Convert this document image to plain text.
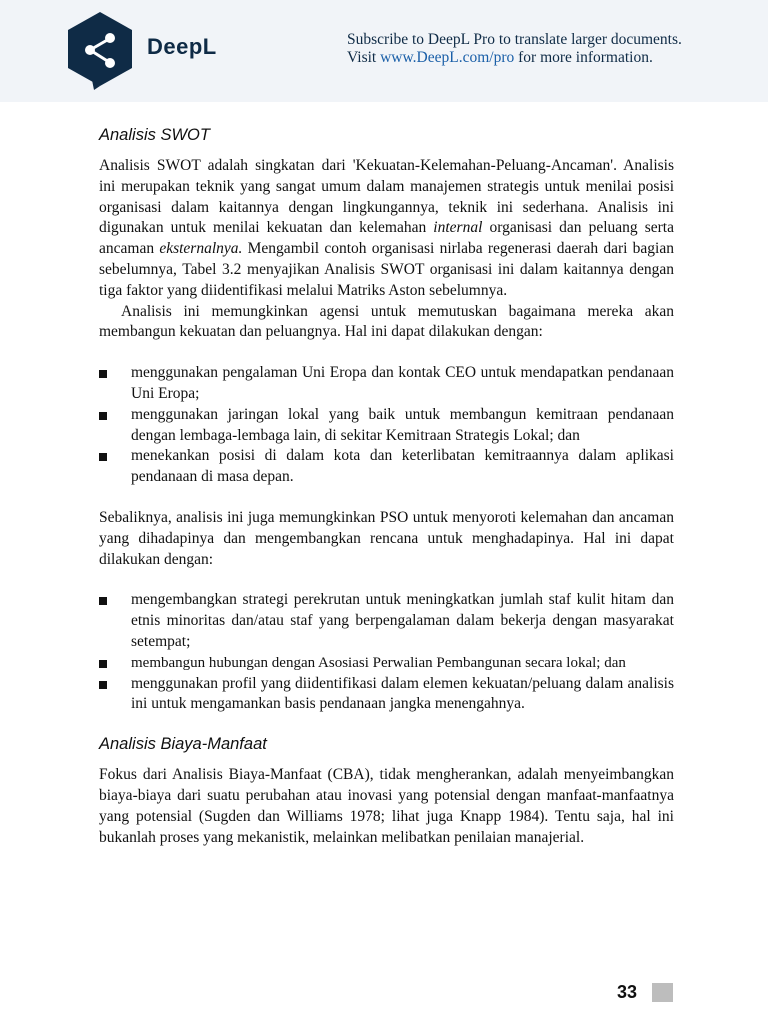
DeepL	Subscribe to DeepL Pro to translate larger documents.
Visit www.DeepL.com/pro for more information.
Analisis SWOT

Analisis SWOT adalah singkatan dari 'Kekuatan-Kelemahan-Peluang-Ancaman'. Analisis ini merupakan teknik yang sangat umum dalam manajemen strategis untuk menilai posisi organisasi dalam kaitannya dengan lingkungannya, teknik ini sederhana. Analisis ini digunakan untuk menilai kekuatan dan kelemahan internal organisasi dan peluang serta ancaman eksternalnya. Mengambil contoh organisasi nirlaba regenerasi daerah dari bagian sebelumnya, Tabel 3.2 menyajikan Analisis SWOT organisasi ini dalam kaitannya dengan tiga faktor yang diidentifikasi melalui Matriks Aston sebelumnya.

Analisis ini memungkinkan agensi untuk memutuskan bagaimana mereka akan membangun kekuatan dan peluangnya. Hal ini dapat dilakukan dengan:

menggunakan pengalaman Uni Eropa dan kontak CEO untuk mendapatkan pendanaan Uni Eropa;
menggunakan jaringan lokal yang baik untuk membangun kemitraan pendanaan dengan lembaga-lembaga lain, di sekitar Kemitraan Strategis Lokal; dan
menekankan posisi di dalam kota dan keterlibatan kemitraannya dalam aplikasi pendanaan di masa depan.

Sebaliknya, analisis ini juga memungkinkan PSO untuk menyoroti kelemahan dan ancaman yang dihadapinya dan mengembangkan rencana untuk menghadapinya. Hal ini dapat dilakukan dengan:

mengembangkan strategi perekrutan untuk meningkatkan jumlah staf kulit hitam dan etnis minoritas dan/atau staf yang berpengalaman dalam bekerja dengan masyarakat setempat;
membangun hubungan dengan Asosiasi Perwalian Pembangunan secara lokal; dan
menggunakan profil yang diidentifikasi dalam elemen kekuatan/peluang dalam analisis ini untuk mengamankan basis pendanaan jangka menengahnya.
Analisis Biaya-Manfaat

Fokus dari Analisis Biaya-Manfaat (CBA), tidak mengherankan, adalah menyeimbangkan biaya-biaya dari suatu perubahan atau inovasi yang potensial dengan manfaat-manfaatnya yang potensial (Sugden dan Williams 1978; lihat juga Knapp 1984). Tentu saja, hal ini bukanlah proses yang mekanistik, melainkan melibatkan penilaian manajerial.

33
